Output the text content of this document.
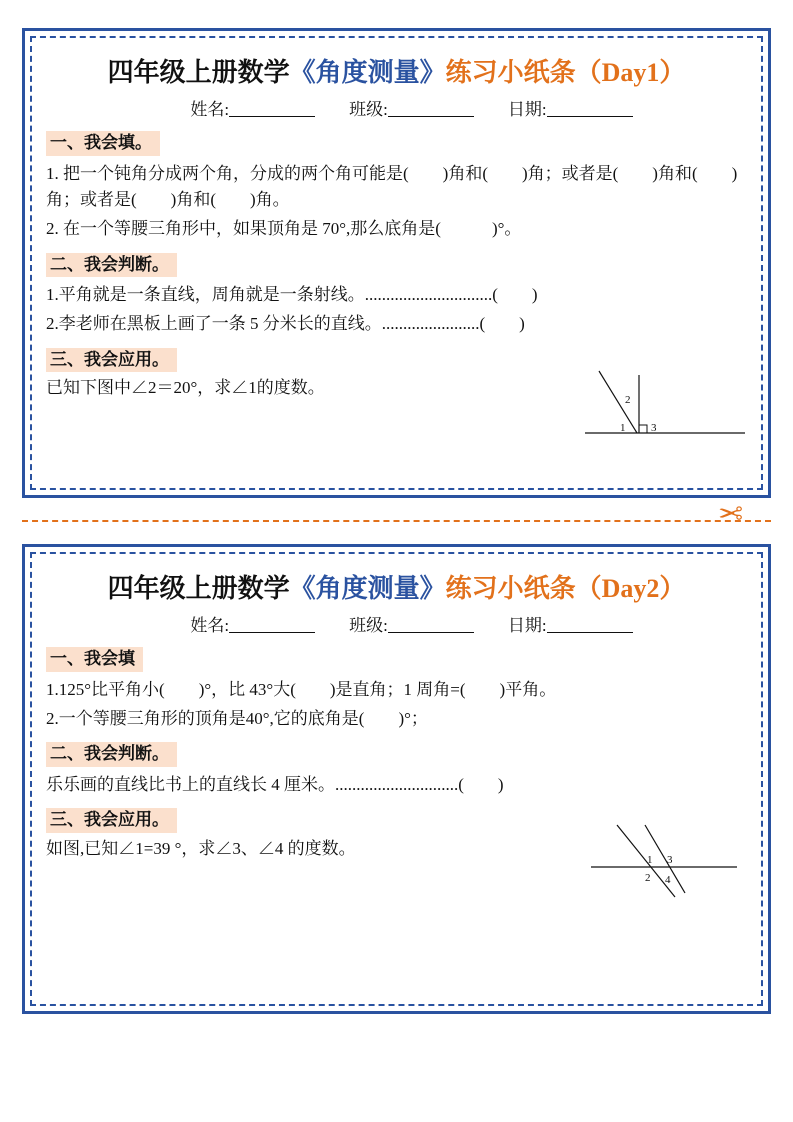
四年级上册数学《角度测量》练习小纸条（Day1）
姓名:	班级:	日期:
一、我会填。
1. 把一个钝角分成两个角，分成的两个角可能是(　　)角和(　　)角；或者是(　　)角和(　　)角；或者是(　　)角和(　　)角。
2. 在一个等腰三角形中，如果顶角是 70°,那么底角是(　　　)°。
二、我会判断。
1.平角就是一条直线，周角就是一条射线。..............................(　　)
2.李老师在黑板上画了一条 5 分米长的直线。.......................(　　)
三、我会应用。
已知下图中∠2＝20°，求∠1的度数。
2
1 3
✂
四年级上册数学《角度测量》练习小纸条（Day2）
姓名:	班级:	日期:
一、我会填
1.125°比平角小(　　)°，比 43°大(　　)是直角；1 周角=(　　)平角。
2.一个等腰三角形的顶角是40°,它的底角是(　　)°；
二、我会判断。
乐乐画的直线比书上的直线长 4 厘米。.............................(　　)
三、我会应用。
如图,已知∠1=39 °，求∠3、∠4 的度数。
1 3
2 4
